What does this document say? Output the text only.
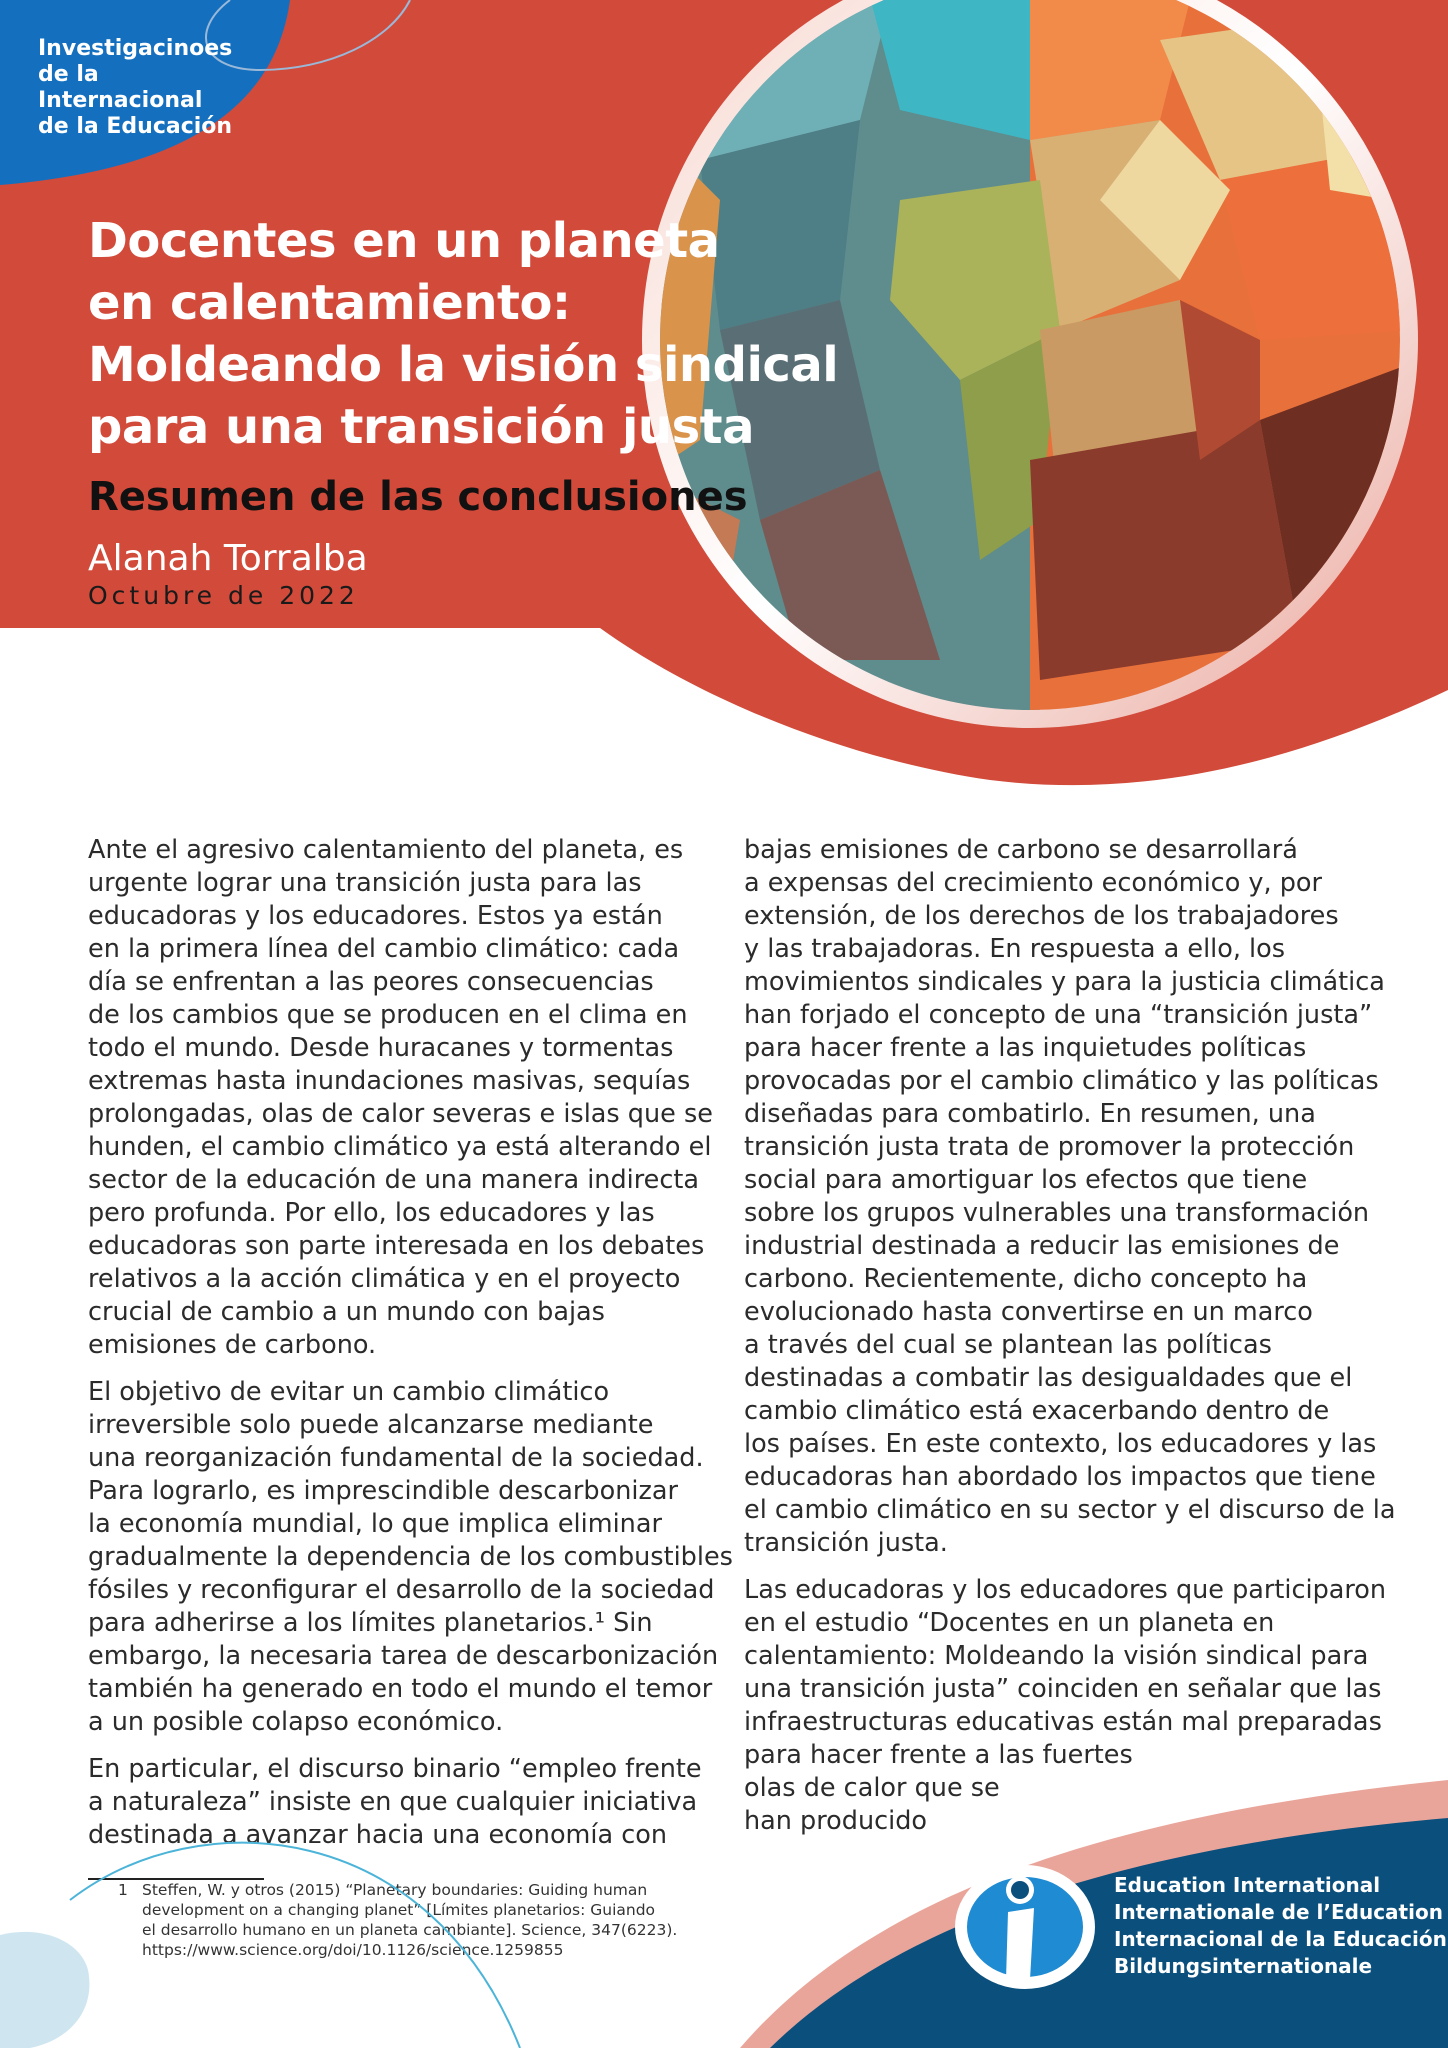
Investigacinoes
de la Internacional
de la Educación
Docentes en un planeta
en calentamiento:
Moldeando la visión sindical
para una transición justa
Resumen de las conclusiones
Alanah Torralba
Octubre de 2022

Ante el agresivo calentamiento del planeta, es
urgente lograr una transición justa para las
educadoras y los educadores. Estos ya están
en la primera línea del cambio climático: cada
día se enfrentan a las peores consecuencias
de los cambios que se producen en el clima en
todo el mundo. Desde huracanes y tormentas
extremas hasta inundaciones masivas, sequías
prolongadas, olas de calor severas e islas que se
hunden, el cambio climático ya está alterando el
sector de la educación de una manera indirecta
pero profunda. Por ello, los educadores y las
educadoras son parte interesada en los debates
relativos a la acción climática y en el proyecto
crucial de cambio a un mundo con bajas
emisiones de carbono.

El objetivo de evitar un cambio climático
irreversible solo puede alcanzarse mediante
una reorganización fundamental de la sociedad.
Para lograrlo, es imprescindible descarbonizar
la economía mundial, lo que implica eliminar
gradualmente la dependencia de los combustibles
fósiles y reconfigurar el desarrollo de la sociedad
para adherirse a los límites planetarios.¹ Sin
embargo, la necesaria tarea de descarbonización
también ha generado en todo el mundo el temor
a un posible colapso económico.

En particular, el discurso binario “empleo frente
a naturaleza” insiste en que cualquier iniciativa
destinada a avanzar hacia una economía con

bajas emisiones de carbono se desarrollará
a expensas del crecimiento económico y, por
extensión, de los derechos de los trabajadores
y las trabajadoras. En respuesta a ello, los
movimientos sindicales y para la justicia climática
han forjado el concepto de una “transición justa”
para hacer frente a las inquietudes políticas
provocadas por el cambio climático y las políticas
diseñadas para combatirlo. En resumen, una
transición justa trata de promover la protección
social para amortiguar los efectos que tiene
sobre los grupos vulnerables una transformación
industrial destinada a reducir las emisiones de
carbono. Recientemente, dicho concepto ha
evolucionado hasta convertirse en un marco
a través del cual se plantean las políticas
destinadas a combatir las desigualdades que el
cambio climático está exacerbando dentro de
los países. En este contexto, los educadores y las
educadoras han abordado los impactos que tiene
el cambio climático en su sector y el discurso de la
transición justa.

Las educadoras y los educadores que participaron
en el estudio “Docentes en un planeta en
calentamiento: Moldeando la visión sindical para
una transición justa” coinciden en señalar que las
infraestructuras educativas están mal preparadas
para hacer frente a las fuertes
olas de calor que se
han producido

1 Steffen, W. y otros (2015) “Planetary boundaries: Guiding human
development on a changing planet” [Límites planetarios: Guiando
el desarrollo humano en un planeta cambiante]. Science, 347(6223).
https://www.science.org/doi/10.1126/science.1259855
Education International
Internationale de l’Education
Internacional de la Educación
Bildungsinternationale
